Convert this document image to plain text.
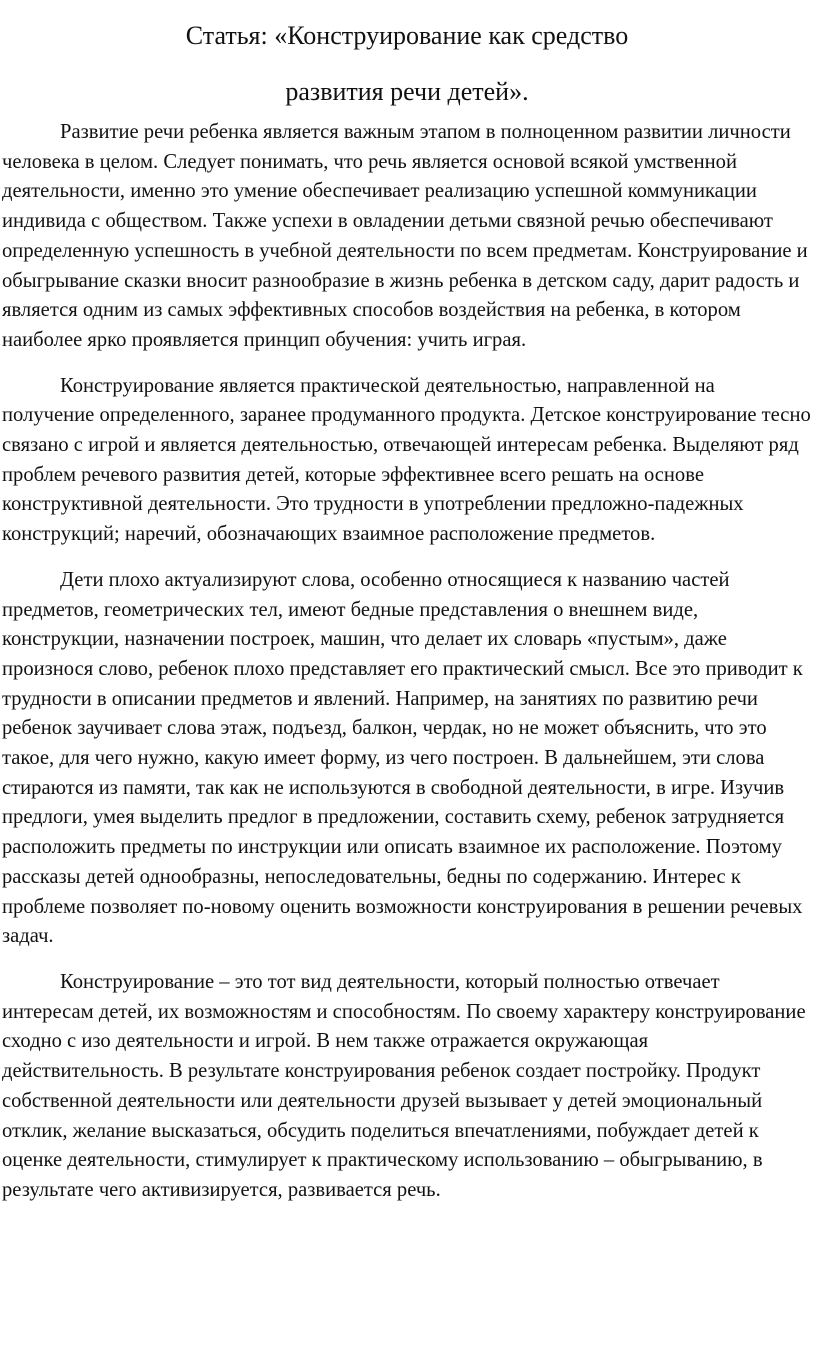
Статья: «Конструирование как средство
развития речи детей».

Развитие речи ребенка является важным этапом в полноценном развитии личности человека в целом. Следует понимать, что речь является основой всякой умственной деятельности, именно это умение обеспечивает реализацию успешной коммуникации индивида с обществом. Также успехи в овладении детьми связной речью обеспечивают определенную успешность в учебной деятельности по всем предметам. Конструирование и обыгрывание сказки вносит разнообразие в жизнь ребенка в детском саду, дарит радость и является одним из самых эффективных способов воздействия на ребенка, в котором наиболее ярко проявляется принцип обучения: учить играя.

Конструирование является практической деятельностью, направленной на получение определенного, заранее продуманного продукта. Детское конструирование тесно связано с игрой и является деятельностью, отвечающей интересам ребенка. Выделяют ряд проблем речевого развития детей, которые эффективнее всего решать на основе конструктивной деятельности. Это трудности в употреблении предложно-падежных конструкций; наречий, обозначающих взаимное расположение предметов.

Дети плохо актуализируют слова, особенно относящиеся к названию частей предметов, геометрических тел, имеют бедные представления о внешнем виде, конструкции, назначении построек, машин, что делает их словарь «пустым», даже произнося слово, ребенок плохо представляет его практический смысл. Все это приводит к трудности в описании предметов и явлений. Например, на занятиях по развитию речи ребенок заучивает слова этаж, подъезд, балкон, чердак, но не может объяснить, что это такое, для чего нужно, какую имеет форму, из чего построен. В дальнейшем, эти слова стираются из памяти, так как не используются в свободной деятельности, в игре. Изучив предлоги, умея выделить предлог в предложении, составить схему, ребенок затрудняется расположить предметы по инструкции или описать взаимное их расположение. Поэтому рассказы детей однообразны, непоследовательны, бедны по содержанию. Интерес к проблеме позволяет по-новому оценить возможности конструирования в решении речевых задач.

Конструирование – это тот вид деятельности, который полностью отвечает интересам детей, их возможностям и способностям. По своему характеру конструирование сходно с изо деятельности и игрой. В нем также отражается окружающая действительность. В результате конструирования ребенок создает постройку. Продукт собственной деятельности или деятельности друзей вызывает у детей эмоциональный отклик, желание высказаться, обсудить поделиться впечатлениями, побуждает детей к оценке деятельности, стимулирует к практическому использованию – обыгрыванию, в результате чего активизируется, развивается речь.
